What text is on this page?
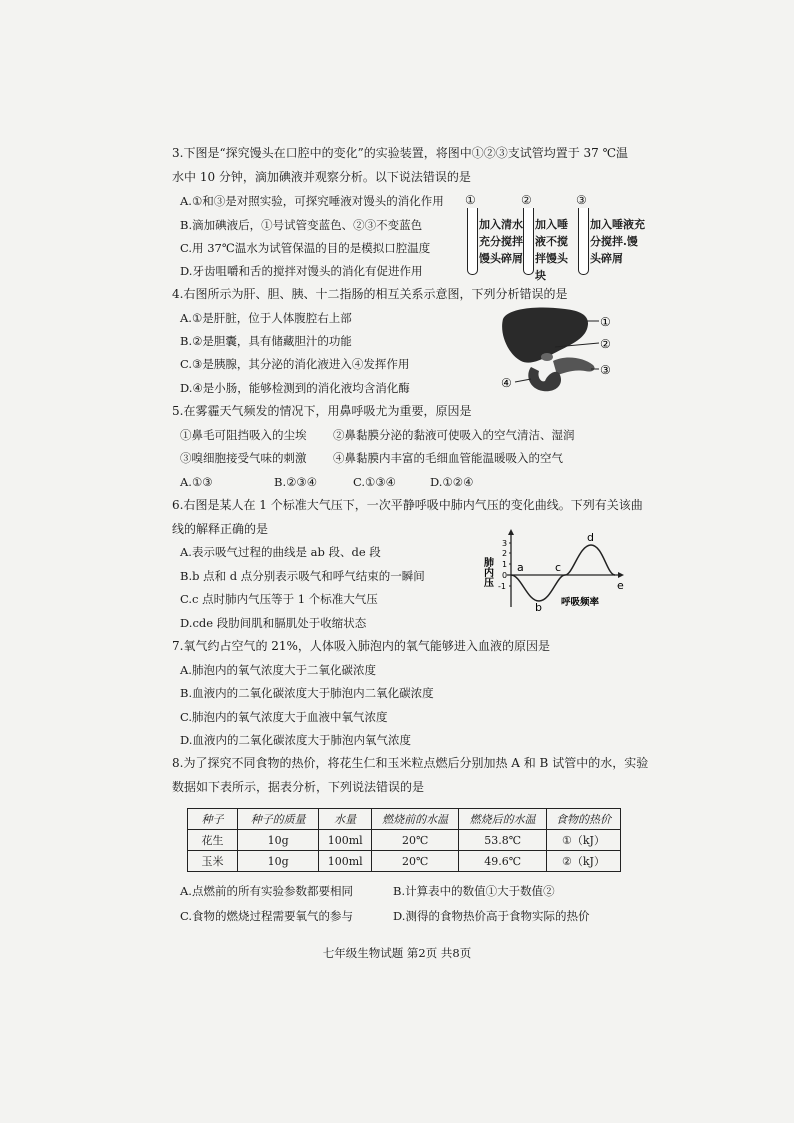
3.下图是“探究馒头在口腔中的变化”的实验装置，将图中①②③支试管均置于 37 ℃温
水中 10 分钟，滴加碘液并观察分析。以下说法错误的是
A.①和③是对照实验，可探究唾液对馒头的消化作用
B.滴加碘液后，①号试管变蓝色、②③不变蓝色
C.用 37℃温水为试管保温的目的是模拟口腔温度
D.牙齿咀嚼和舌的搅拌对馒头的消化有促进作用
①
加入清水充分搅拌馒头碎屑
②
加入唾液不搅拌馒头块
③
加入唾液充分搅拌.馒头碎屑
4.右图所示为肝、胆、胰、十二指肠的相互关系示意图，下列分析错误的是
A.①是肝脏，位于人体腹腔右上部
B.②是胆囊，具有储藏胆汁的功能
C.③是胰腺，其分泌的消化液进入④发挥作用
D.④是小肠，能够检测到的消化液均含消化酶
①
②
③
④
5.在雾霾天气频发的情况下，用鼻呼吸尤为重要，原因是
①鼻毛可阻挡吸入的尘埃 ②鼻黏膜分泌的黏液可使吸入的空气清洁、湿润
③嗅细胞接受气味的刺激 ④鼻黏膜内丰富的毛细血管能温暖吸入的空气
A.①③	B.②③④	C.①③④	D.①②④
6.右图是某人在 1 个标准大气压下，一次平静呼吸中肺内气压的变化曲线。下列有关该曲
线的解释正确的是
A.表示吸气过程的曲线是 ab 段、de 段
B.b 点和 d 点分别表示吸气和呼气结束的一瞬间
C.c 点时肺内气压等于 1 个标准大气压
D.cde 段肋间肌和膈肌处于收缩状态
3
2
1
0
-1
肺内压 a
b
c
d
e
呼吸频率
7.氧气约占空气的 21%，人体吸入肺泡内的氧气能够进入血液的原因是
A.肺泡内的氧气浓度大于二氧化碳浓度
B.血液内的二氧化碳浓度大于肺泡内二氧化碳浓度
C.肺泡内的氧气浓度大于血液中氧气浓度
D.血液内的二氧化碳浓度大于肺泡内氧气浓度
8.为了探究不同食物的热价，将花生仁和玉米粒点燃后分别加热 A 和 B 试管中的水，实验
数据如下表所示，据表分析，下列说法错误的是
种子	种子的质量	水量	燃烧前的水温	燃烧后的水温	食物的热价
花生	10g	100ml	20℃	53.8℃	①（kJ）
玉米	10g	100ml	20℃	49.6℃	②（kJ）
A.点燃前的所有实验参数都要相同	B.计算表中的数值①大于数值②
C.食物的燃烧过程需要氧气的参与	D.测得的食物热价高于食物实际的热价
七年级生物试题 第2页 共8页
